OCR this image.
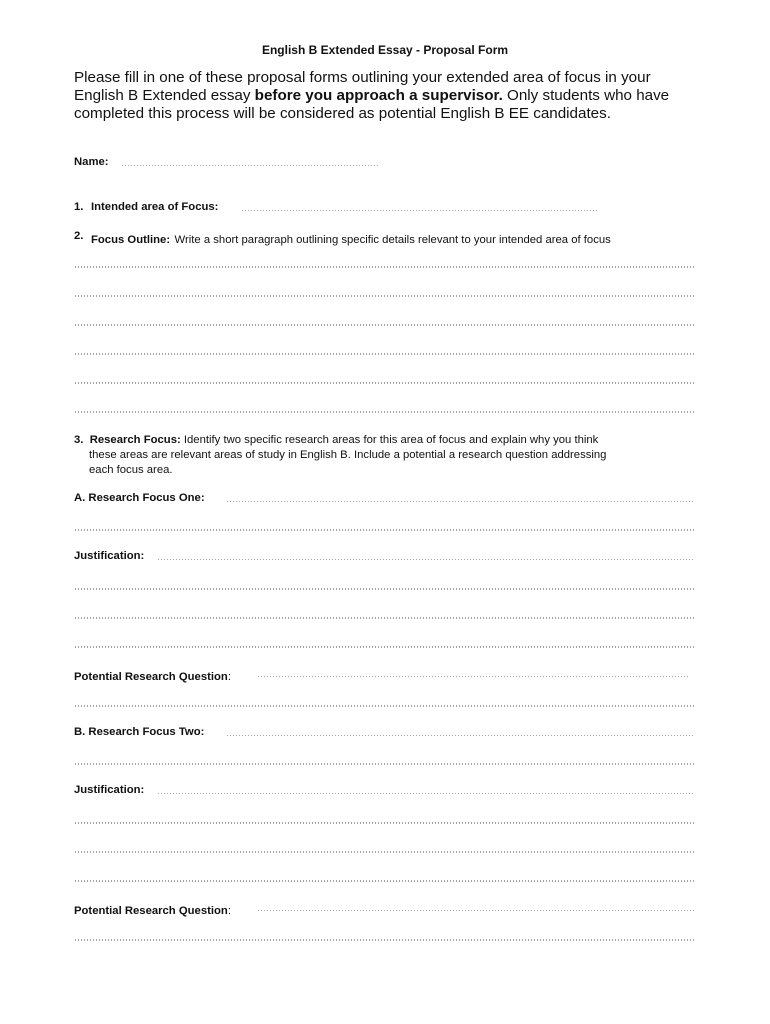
English B Extended Essay - Proposal Form
Please fill in one of these proposal forms outlining your extended area of focus in your English B Extended essay before you approach a supervisor. Only students who have completed this process will be considered as potential English B EE candidates.
Name:
1. Intended area of Focus:
2. Focus Outline: Write a short paragraph outlining specific details relevant to your intended area of focus
3. Research Focus: Identify two specific research areas for this area of focus and explain why you think
these areas are relevant areas of study in English B. Include a potential a research question addressing
each focus area.
A. Research Focus One:
Justification:
Potential Research Question:
B. Research Focus Two:
Justification:
Potential Research Question:
